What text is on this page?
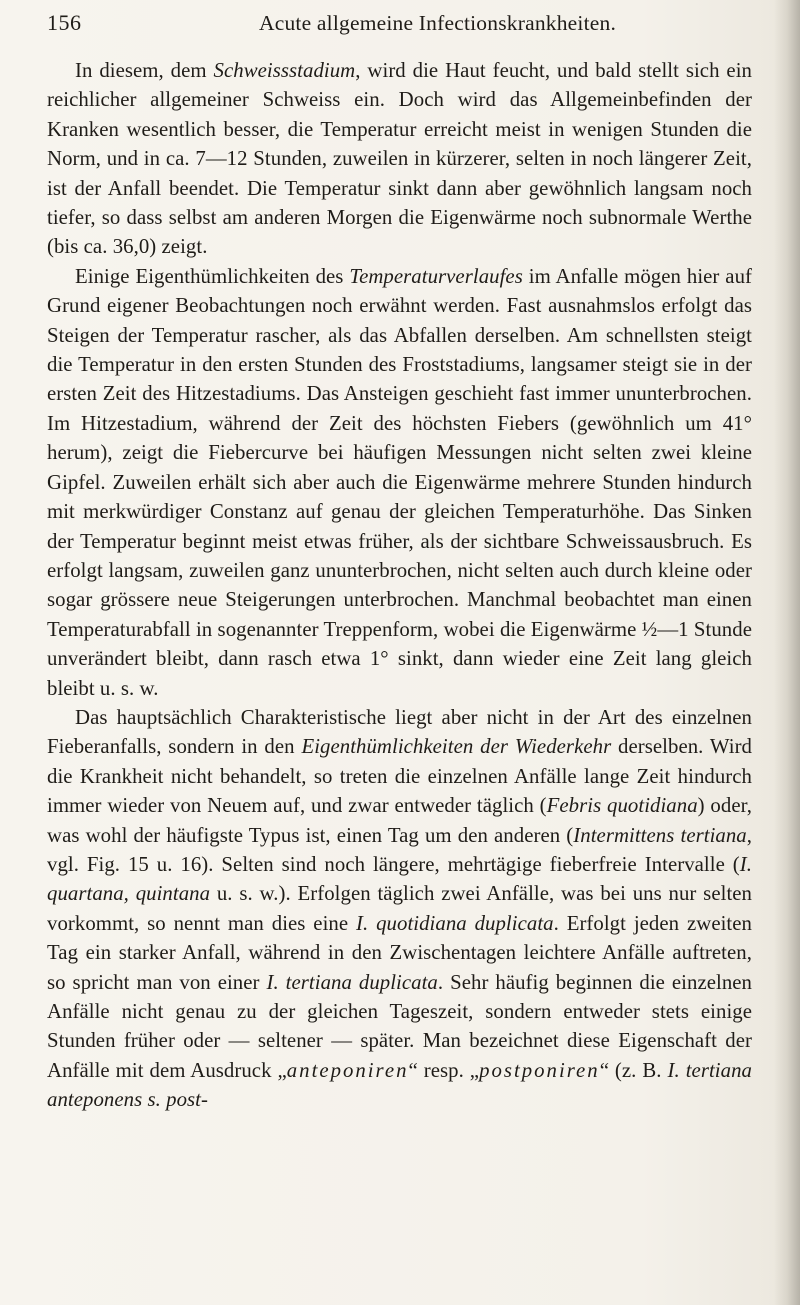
156	Acute allgemeine Infectionskrankheiten.

In diesem, dem Schweissstadium, wird die Haut feucht, und bald stellt sich ein reichlicher allgemeiner Schweiss ein. Doch wird das Allgemeinbefinden der Kranken wesentlich besser, die Temperatur erreicht meist in wenigen Stunden die Norm, und in ca. 7—12 Stunden, zuweilen in kürzerer, selten in noch längerer Zeit, ist der Anfall beendet. Die Temperatur sinkt dann aber gewöhnlich langsam noch tiefer, so dass selbst am anderen Morgen die Eigenwärme noch subnormale Werthe (bis ca. 36,0) zeigt.

Einige Eigenthümlichkeiten des Temperaturverlaufes im Anfalle mögen hier auf Grund eigener Beobachtungen noch erwähnt werden. Fast ausnahmslos erfolgt das Steigen der Temperatur rascher, als das Abfallen derselben. Am schnellsten steigt die Temperatur in den ersten Stunden des Froststadiums, langsamer steigt sie in der ersten Zeit des Hitzestadiums. Das Ansteigen geschieht fast immer ununterbrochen. Im Hitzestadium, während der Zeit des höchsten Fiebers (gewöhnlich um 41° herum), zeigt die Fiebercurve bei häufigen Messungen nicht selten zwei kleine Gipfel. Zuweilen erhält sich aber auch die Eigenwärme mehrere Stunden hindurch mit merkwürdiger Constanz auf genau der gleichen Temperaturhöhe. Das Sinken der Temperatur beginnt meist etwas früher, als der sichtbare Schweissausbruch. Es erfolgt langsam, zuweilen ganz ununterbrochen, nicht selten auch durch kleine oder sogar grössere neue Steigerungen unterbrochen. Manchmal beobachtet man einen Temperaturabfall in sogenannter Treppenform, wobei die Eigenwärme ½—1 Stunde unverändert bleibt, dann rasch etwa 1° sinkt, dann wieder eine Zeit lang gleich bleibt u. s. w.

Das hauptsächlich Charakteristische liegt aber nicht in der Art des einzelnen Fieberanfalls, sondern in den Eigenthümlichkeiten der Wiederkehr derselben. Wird die Krankheit nicht behandelt, so treten die einzelnen Anfälle lange Zeit hindurch immer wieder von Neuem auf, und zwar entweder täglich (Febris quotidiana) oder, was wohl der häufigste Typus ist, einen Tag um den anderen (Intermittens tertiana, vgl. Fig. 15 u. 16). Selten sind noch längere, mehrtägige fieberfreie Intervalle (I. quartana, quintana u. s. w.). Erfolgen täglich zwei Anfälle, was bei uns nur selten vorkommt, so nennt man dies eine I. quotidiana duplicata. Erfolgt jeden zweiten Tag ein starker Anfall, während in den Zwischentagen leichtere Anfälle auftreten, so spricht man von einer I. tertiana duplicata. Sehr häufig beginnen die einzelnen Anfälle nicht genau zu der gleichen Tageszeit, sondern entweder stets einige Stunden früher oder — seltener — später. Man bezeichnet diese Eigenschaft der Anfälle mit dem Ausdruck „anteponiren“ resp. „postponiren“ (z. B. I. tertiana anteponens s. post-
